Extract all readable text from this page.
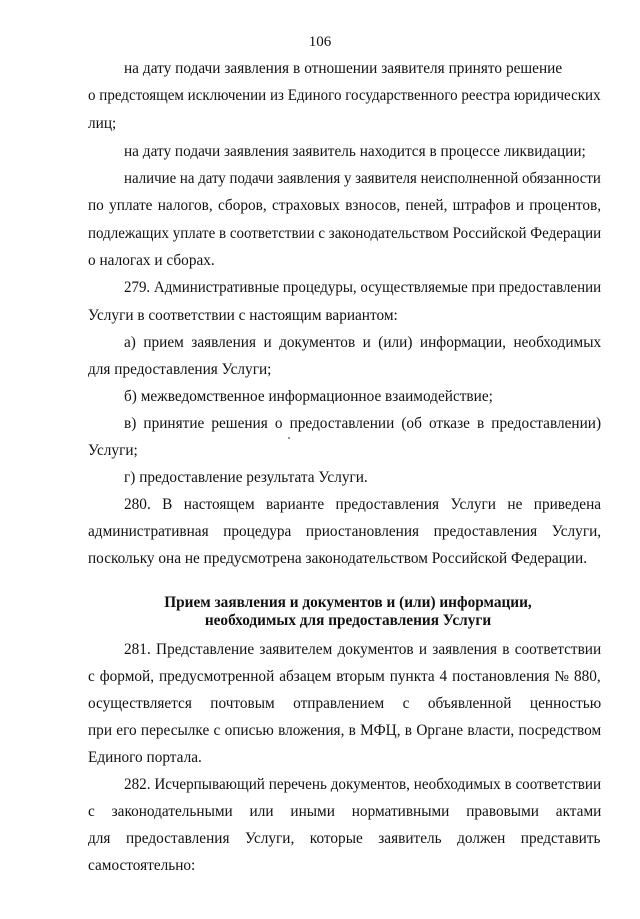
106
на дату подачи заявления в отношении заявителя принято решение
о предстоящем исключении из Единого государственного реестра юридических
лиц;
на дату подачи заявления заявитель находится в процессе ликвидации;
наличие на дату подачи заявления у заявителя неисполненной обязанности
по уплате налогов, сборов, страховых взносов, пеней, штрафов и процентов,
подлежащих уплате в соответствии с законодательством Российской Федерации
о налогах и сборах.
279. Административные процедуры, осуществляемые при предоставлении
Услуги в соответствии с настоящим вариантом:
а) прием заявления и документов и (или) информации, необходимых
для предоставления Услуги;
б) межведомственное информационное взаимодействие;
в) принятие решения о предоставлении (об отказе в предоставлении)
Услуги;
г) предоставление результата Услуги.
280. В настоящем варианте предоставления Услуги не приведена
административная процедура приостановления предоставления Услуги,
поскольку она не предусмотрена законодательством Российской Федерации.
Прием заявления и документов и (или) информации,
необходимых для предоставления Услуги
281. Представление заявителем документов и заявления в соответствии
с формой, предусмотренной абзацем вторым пункта 4 постановления № 880,
осуществляется почтовым отправлением с объявленной ценностью
при его пересылке с описью вложения, в МФЦ, в Органе власти, посредством
Единого портала.
282. Исчерпывающий перечень документов, необходимых в соответствии
с законодательными или иными нормативными правовыми актами
для предоставления Услуги, которые заявитель должен представить
самостоятельно:
